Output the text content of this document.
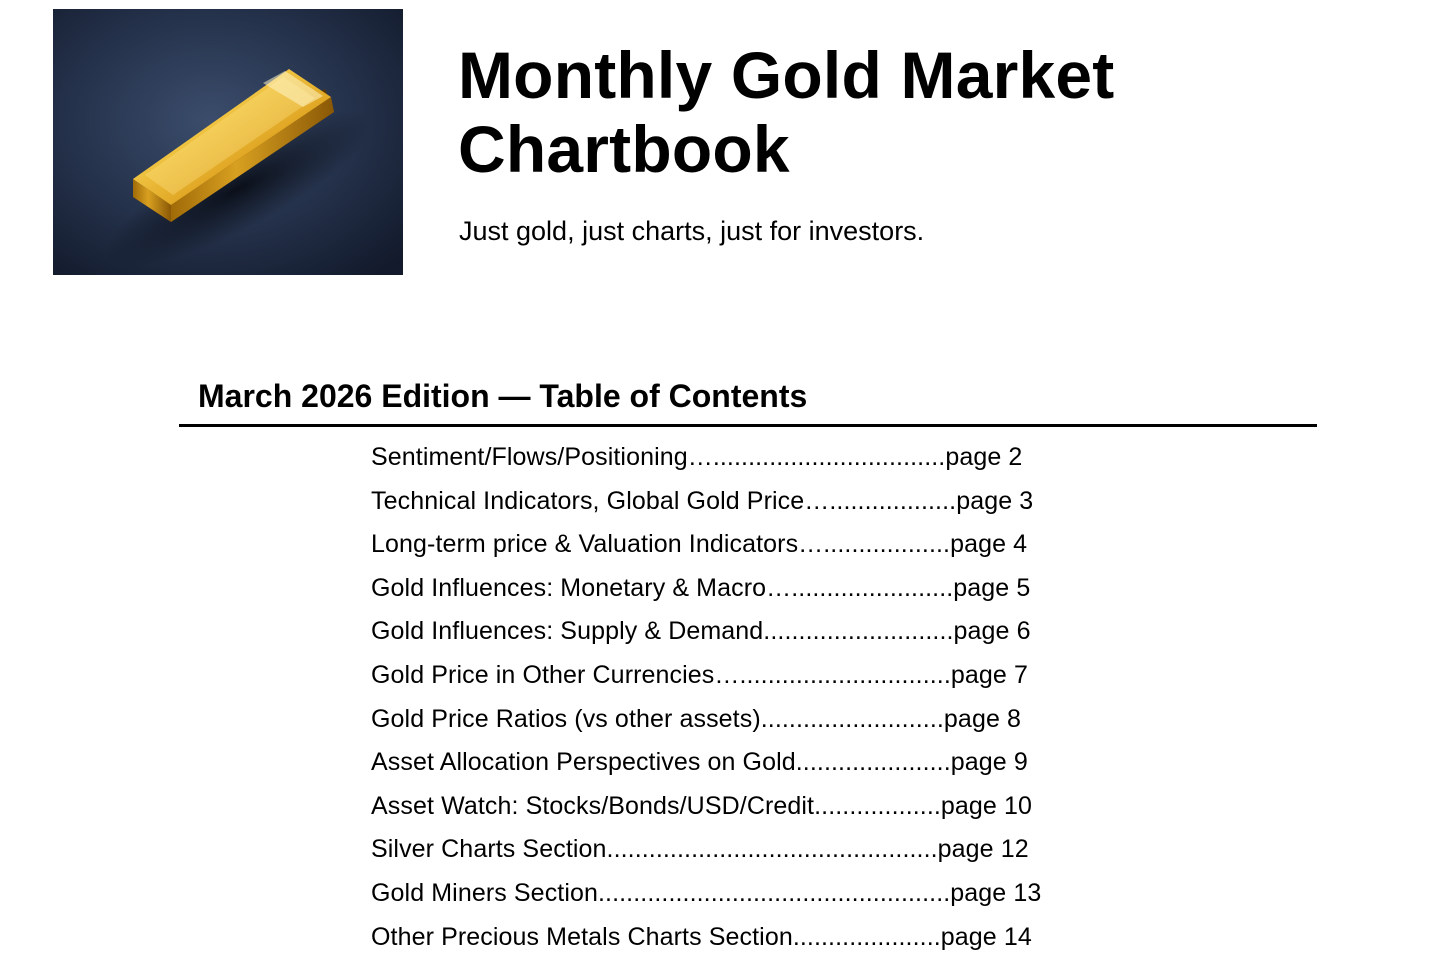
Monthly Gold Market Chartbook

Just gold, just charts, just for investors.

March 2026 Edition — Table of Contents
Sentiment/Flows/Positioning….................................page 2
Technical Indicators, Global Gold Price…..................page 3
Long-term price & Valuation Indicators…..................page 4
Gold Influences: Monetary & Macro….......................page 5
Gold Influences: Supply & Demand...........................page 6
Gold Price in Other Currencies…..............................page 7
Gold Price Ratios (vs other assets)..........................page 8
Asset Allocation Perspectives on Gold......................page 9
Asset Watch: Stocks/Bonds/USD/Credit..................page 10
Silver Charts Section...............................................page 12
Gold Miners Section..................................................page 13
Other Precious Metals Charts Section.....................page 14
